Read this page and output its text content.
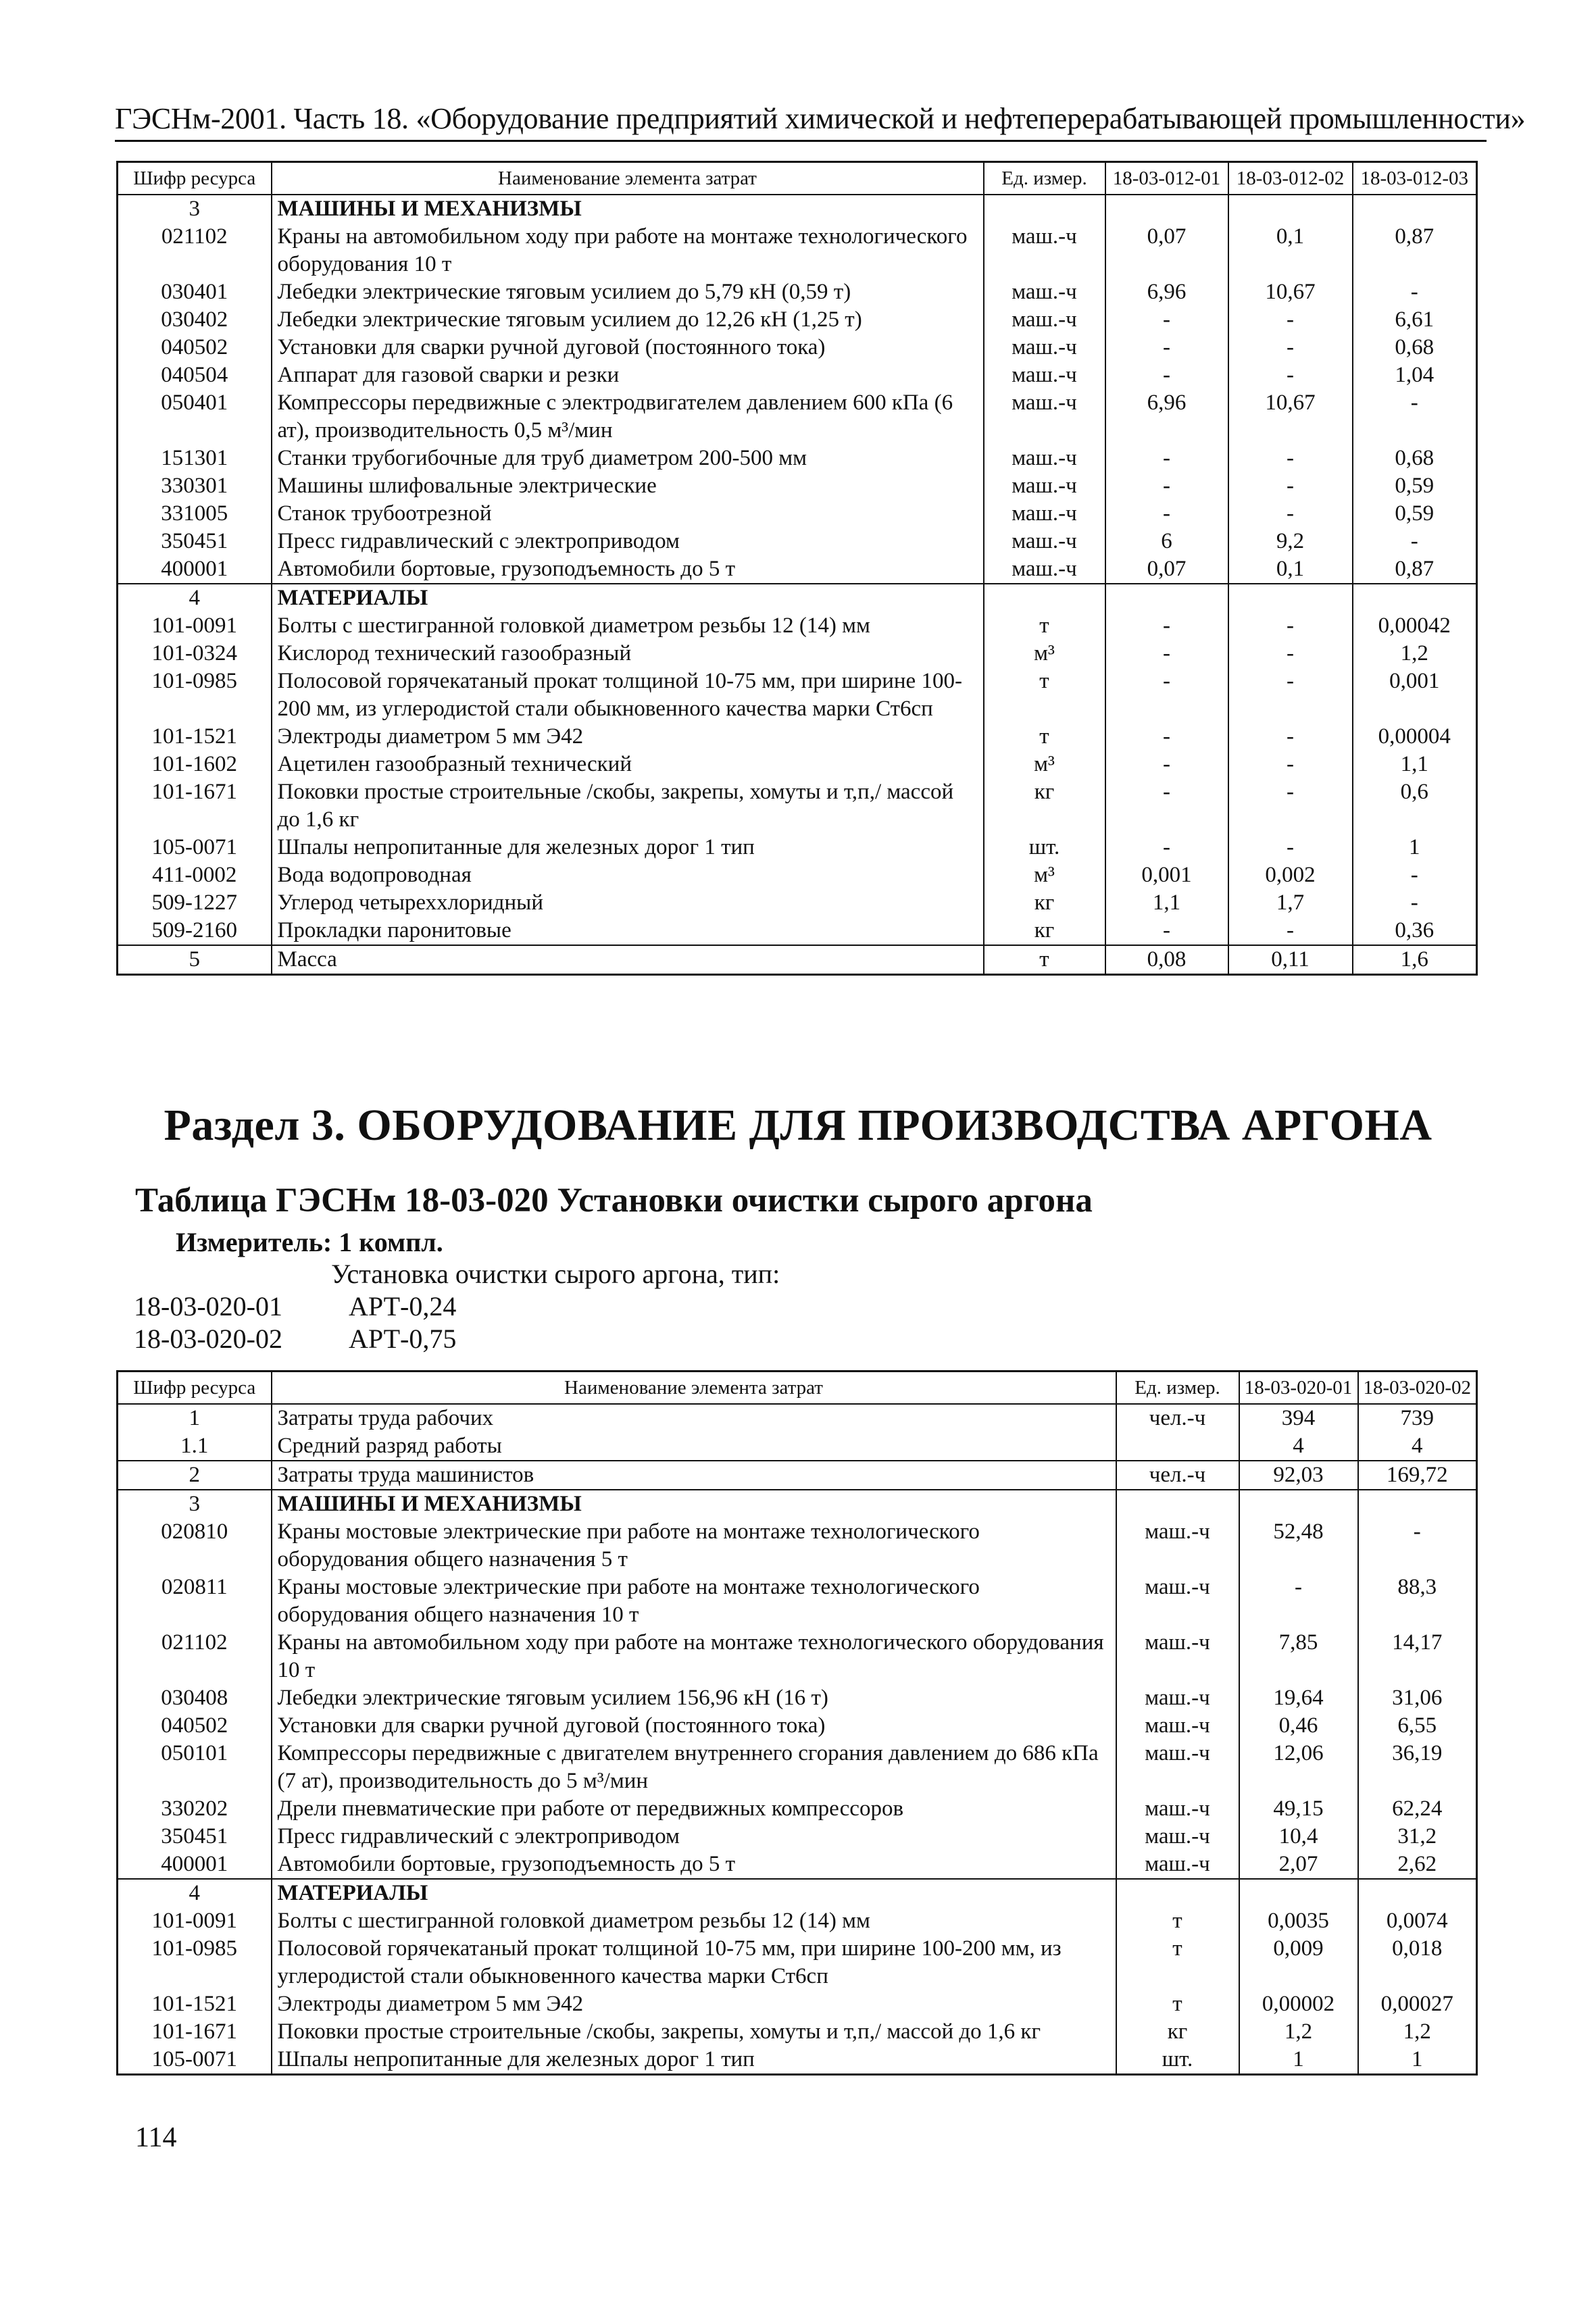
ГЭСНм-2001. Часть 18. «Оборудование предприятий химической и нефтеперерабатывающей промышленности»
Шифр ресурса	Наименование элемента затрат	Ед. измер.	18-03-012-01	18-03-012-02	18-03-012-03
3	МАШИНЫ И МЕХАНИЗМЫ				
021102	Краны на автомобильном ходу при работе на монтаже технологического оборудования 10 т	маш.-ч	0,07	0,1	0,87
030401	Лебедки электрические тяговым усилием до 5,79 кН (0,59 т)	маш.-ч	6,96	10,67	-
030402	Лебедки электрические тяговым усилием до 12,26 кН (1,25 т)	маш.-ч	-	-	6,61
040502	Установки для сварки ручной дуговой (постоянного тока)	маш.-ч	-	-	0,68
040504	Аппарат для газовой сварки и резки	маш.-ч	-	-	1,04
050401	Компрессоры передвижные с электродвигателем давлением 600 кПа (6 ат), производительность 0,5 м³/мин	маш.-ч	6,96	10,67	-
151301	Станки трубогибочные для труб диаметром 200-500 мм	маш.-ч	-	-	0,68
330301	Машины шлифовальные электрические	маш.-ч	-	-	0,59
331005	Станок трубоотрезной	маш.-ч	-	-	0,59
350451	Пресс гидравлический с электроприводом	маш.-ч	6	9,2	-
400001	Автомобили бортовые, грузоподъемность до 5 т	маш.-ч	0,07	0,1	0,87
4	МАТЕРИАЛЫ				
101-0091	Болты с шестигранной головкой диаметром резьбы 12 (14) мм	т	-	-	0,00042
101-0324	Кислород технический газообразный	м³	-	-	1,2
101-0985	Полосовой горячекатаный прокат толщиной 10-75 мм, при ширине 100-200 мм, из углеродистой стали обыкновенного качества марки Ст6сп	т	-	-	0,001
101-1521	Электроды диаметром 5 мм Э42	т	-	-	0,00004
101-1602	Ацетилен газообразный технический	м³	-	-	1,1
101-1671	Поковки простые строительные /скобы, закрепы, хомуты и т,п,/ массой до 1,6 кг	кг	-	-	0,6
105-0071	Шпалы непропитанные для железных дорог 1 тип	шт.	-	-	1
411-0002	Вода водопроводная	м³	0,001	0,002	-
509-1227	Углерод четыреххлоридный	кг	1,1	1,7	-
509-2160	Прокладки паронитовые	кг	-	-	0,36
5	Масса	т	0,08	0,11	1,6
Раздел 3. ОБОРУДОВАНИЕ ДЛЯ ПРОИЗВОДСТВА АРГОНА
Таблица ГЭСНм 18-03-020 Установки очистки сырого аргона
Измеритель: 1 компл.
Установка очистки сырого аргона, тип:
18-03-020-01 АРТ-0,24
18-03-020-02 АРТ-0,75
Шифр ресурса	Наименование элемента затрат	Ед. измер.	18-03-020-01	18-03-020-02
1	Затраты труда рабочих	чел.-ч	394	739
1.1	Средний разряд работы		4	4
2	Затраты труда машинистов	чел.-ч	92,03	169,72
3	МАШИНЫ И МЕХАНИЗМЫ			
020810	Краны мостовые электрические при работе на монтаже технологического оборудования общего назначения 5 т	маш.-ч	52,48	-
020811	Краны мостовые электрические при работе на монтаже технологического оборудования общего назначения 10 т	маш.-ч	-	88,3
021102	Краны на автомобильном ходу при работе на монтаже технологического оборудования 10 т	маш.-ч	7,85	14,17
030408	Лебедки электрические тяговым усилием 156,96 кН (16 т)	маш.-ч	19,64	31,06
040502	Установки для сварки ручной дуговой (постоянного тока)	маш.-ч	0,46	6,55
050101	Компрессоры передвижные с двигателем внутреннего сгорания давлением до 686 кПа (7 ат), производительность до 5 м³/мин	маш.-ч	12,06	36,19
330202	Дрели пневматические при работе от передвижных компрессоров	маш.-ч	49,15	62,24
350451	Пресс гидравлический с электроприводом	маш.-ч	10,4	31,2
400001	Автомобили бортовые, грузоподъемность до 5 т	маш.-ч	2,07	2,62
4	МАТЕРИАЛЫ			
101-0091	Болты с шестигранной головкой диаметром резьбы 12 (14) мм	т	0,0035	0,0074
101-0985	Полосовой горячекатаный прокат толщиной 10-75 мм, при ширине 100-200 мм, из углеродистой стали обыкновенного качества марки Ст6сп	т	0,009	0,018
101-1521	Электроды диаметром 5 мм Э42	т	0,00002	0,00027
101-1671	Поковки простые строительные /скобы, закрепы, хомуты и т,п,/ массой до 1,6 кг	кг	1,2	1,2
105-0071	Шпалы непропитанные для железных дорог 1 тип	шт.	1	1
114
